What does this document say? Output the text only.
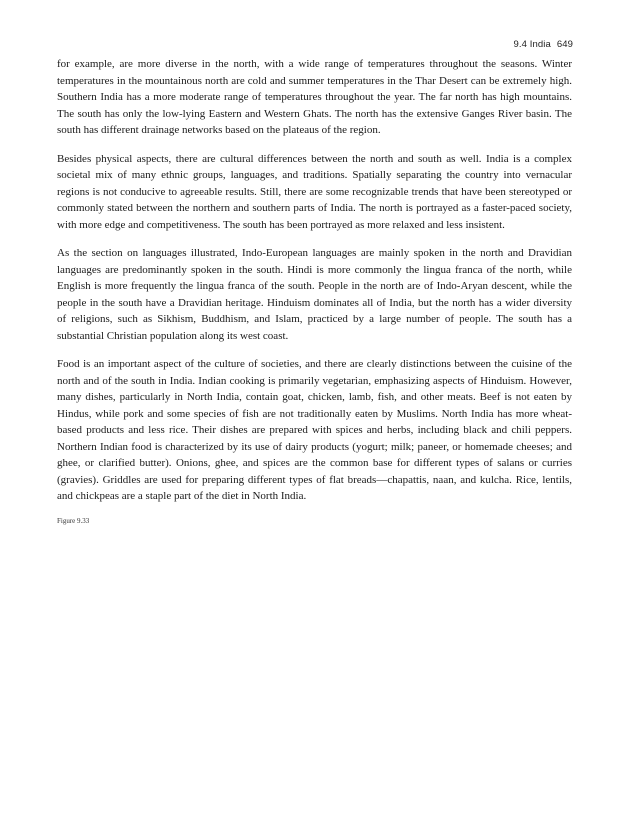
9.4 India 649

for example, are more diverse in the north, with a wide range of temperatures throughout the seasons. Winter temperatures in the mountainous north are cold and summer temperatures in the Thar Desert can be extremely high. Southern India has a more moderate range of temperatures throughout the year. The far north has high mountains. The south has only the low-lying Eastern and Western Ghats. The north has the extensive Ganges River basin. The south has different drainage networks based on the plateaus of the region.

Besides physical aspects, there are cultural differences between the north and south as well. India is a complex societal mix of many ethnic groups, languages, and traditions. Spatially separating the country into vernacular regions is not conducive to agreeable results. Still, there are some recognizable trends that have been stereotyped or commonly stated between the northern and southern parts of India. The north is portrayed as a faster-paced society, with more edge and competitiveness. The south has been portrayed as more relaxed and less insistent.

As the section on languages illustrated, Indo-European languages are mainly spoken in the north and Dravidian languages are predominantly spoken in the south. Hindi is more commonly the lingua franca of the north, while English is more frequently the lingua franca of the south. People in the north are of Indo-Aryan descent, while the people in the south have a Dravidian heritage. Hinduism dominates all of India, but the north has a wider diversity of religions, such as Sikhism, Buddhism, and Islam, practiced by a large number of people. The south has a substantial Christian population along its west coast.

Food is an important aspect of the culture of societies, and there are clearly distinctions between the cuisine of the north and of the south in India. Indian cooking is primarily vegetarian, emphasizing aspects of Hinduism. However, many dishes, particularly in North India, contain goat, chicken, lamb, fish, and other meats. Beef is not eaten by Hindus, while pork and some species of fish are not traditionally eaten by Muslims. North India has more wheat-based products and less rice. Their dishes are prepared with spices and herbs, including black and chili peppers. Northern Indian food is characterized by its use of dairy products (yogurt; milk; paneer, or homemade cheeses; and ghee, or clarified butter). Onions, ghee, and spices are the common base for different types of salans or curries (gravies). Griddles are used for preparing different types of flat breads—chapattis, naan, and kulcha. Rice, lentils, and chickpeas are a staple part of the diet in North India.

Figure 9.33
